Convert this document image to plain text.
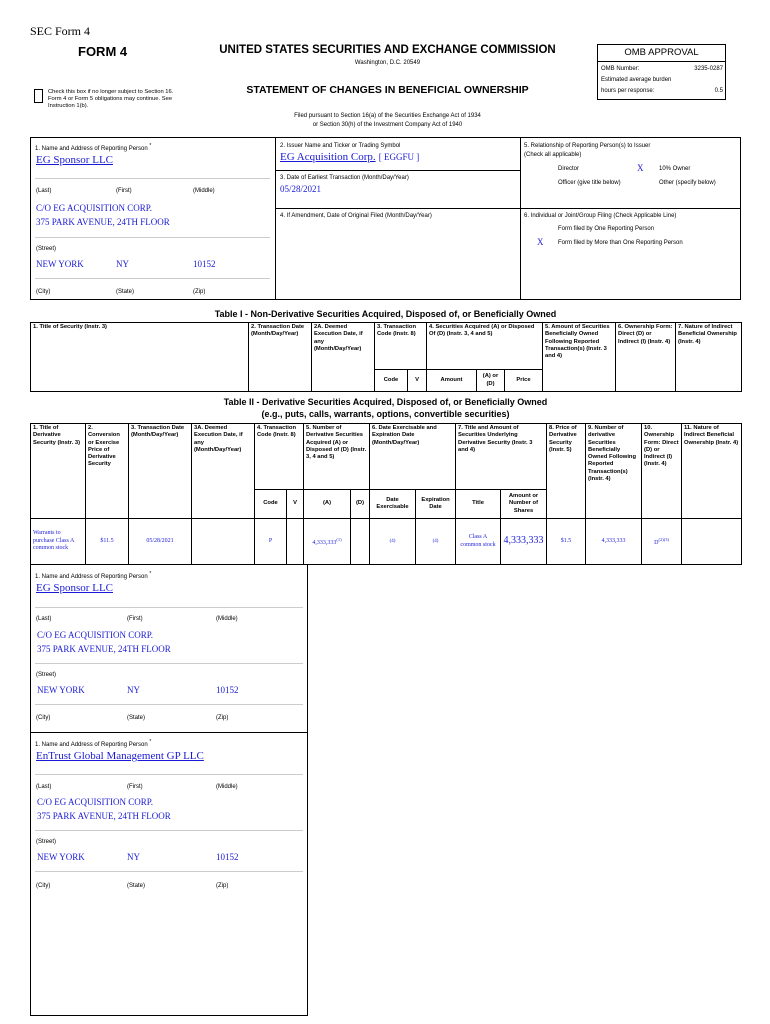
SEC Form 4
FORM 4	UNITED STATES SECURITIES AND EXCHANGE COMMISSION
Washington, D.C. 20549
STATEMENT OF CHANGES IN BENEFICIAL OWNERSHIP
Check this box if no longer subject to Section 16. Form 4 or Form 5 obligations may continue. See Instruction 1(b).
Filed pursuant to Section 16(a) of the Securities Exchange Act of 1934
or Section 30(h) of the Investment Company Act of 1940
OMB APPROVAL
OMB Number:	3235-0287
Estimated average burden
hours per response:	0.5
1. Name and Address of Reporting Person *
EG Sponsor LLC
(Last)	(First)	(Middle)
C/O EG ACQUISITION CORP.
375 PARK AVENUE, 24TH FLOOR
(Street)
NEW YORK	NY	10152
(City)	(State)	(Zip)
2. Issuer Name and Ticker or Trading Symbol
EG Acquisition Corp. [ EGGFU ]
3. Date of Earliest Transaction (Month/Day/Year)
05/28/2021
4. If Amendment, Date of Original Filed (Month/Day/Year)
5. Relationship of Reporting Person(s) to Issuer
(Check all applicable)
Director	X	10% Owner
Officer (give title below)	Other (specify below)
6. Individual or Joint/Group Filing (Check Applicable Line)
Form filed by One Reporting Person
X Form filed by More than One Reporting Person
Table I - Non-Derivative Securities Acquired, Disposed of, or Beneficially Owned
1. Title of Security (Instr. 3)	2. Transaction Date (Month/Day/Year)	2A. Deemed Execution Date, if any (Month/Day/Year)	3. Transaction Code (Instr. 8)		4. Securities Acquired (A) or Disposed Of (D) (Instr. 3, 4 and 5)			5. Amount of Securities Beneficially Owned Following Reported Transaction(s) (Instr. 3 and 4)	6. Ownership Form: Direct (D) or Indirect (I) (Instr. 4)	7. Nature of Indirect Beneficial Ownership (Instr. 4)
			Code	V	Amount	(A) or (D)	Price			
Table II - Derivative Securities Acquired, Disposed of, or Beneficially Owned
(e.g., puts, calls, warrants, options, convertible securities)
1. Title of Derivative Security (Instr. 3)	2. Conversion or Exercise Price of Derivative Security	3. Transaction Date (Month/Day/Year)	3A. Deemed Execution Date, if any (Month/Day/Year)	4. Transaction Code (Instr. 8)		5. Number of Derivative Securities Acquired (A) or Disposed of (D) (Instr. 3, 4 and 5)		6. Date Exercisable and Expiration Date (Month/Day/Year)		7. Title and Amount of Securities Underlying Derivative Security (Instr. 3 and 4)		8. Price of Derivative Security (Instr. 5)	9. Number of derivative Securities Beneficially Owned Following Reported Transaction(s) (Instr. 4)	10. Ownership Form: Direct (D) or Indirect (I) (Instr. 4)	11. Nature of Indirect Beneficial Ownership (Instr. 4)
				Code	V	(A)	(D)	Date Exercisable	Expiration Date	Title	Amount or Number of Shares				
Warrants to purchase Class A common stock	$11.5	05/28/2021		P		4,333,333$^{(1)}$		(4)	(4)	Class A common stock	4,333,333	$1.5	4,333,333	$D^{(2)(3)}$	
1. Name and Address of Reporting Person *
EG Sponsor LLC
(Last)	(First)	(Middle)
C/O EG ACQUISITION CORP.
375 PARK AVENUE, 24TH FLOOR
(Street)
NEW YORK	NY	10152
(City)	(State)	(Zip)
1. Name and Address of Reporting Person *
EnTrust Global Management GP LLC
(Last)	(First)	(Middle)
C/O EG ACQUISITION CORP.
375 PARK AVENUE, 24TH FLOOR
(Street)
NEW YORK	NY	10152
(City)	(State)	(Zip)
